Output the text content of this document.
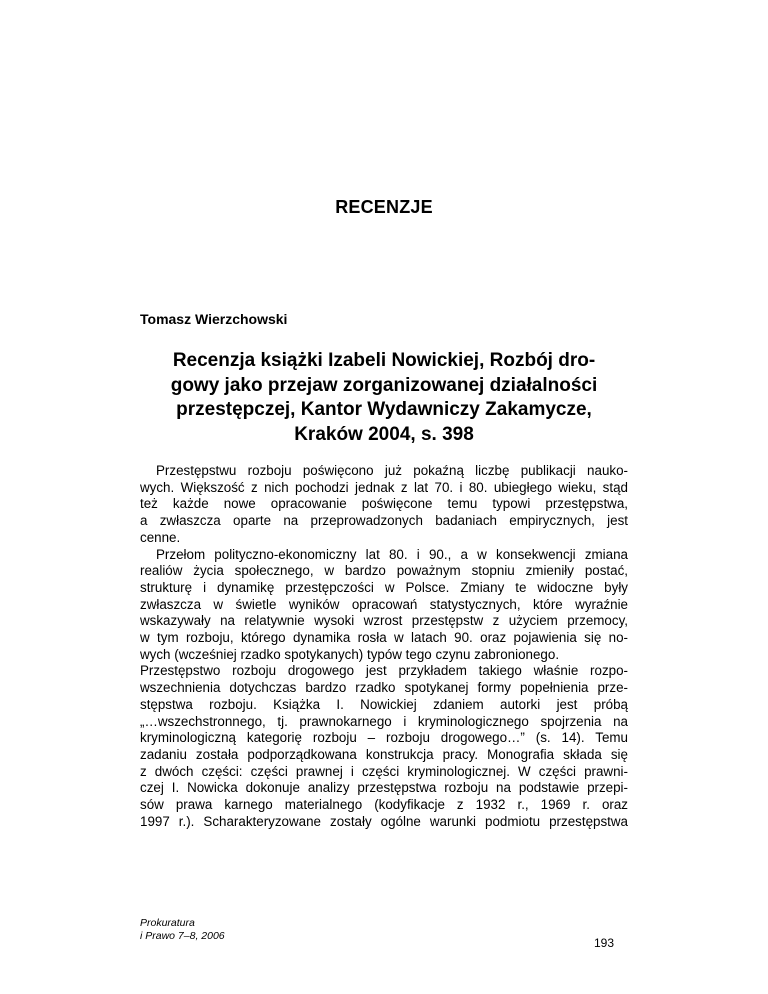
RECENZJE
Tomasz Wierzchowski
Recenzja książki Izabeli Nowickiej, Rozbój dro-
gowy jako przejaw zorganizowanej działalności
przestępczej, Kantor Wydawniczy Zakamycze,
Kraków 2004, s. 398
Przestępstwu rozboju poświęcono już pokaźną liczbę publikacji nauko-
wych. Większość z nich pochodzi jednak z lat 70. i 80. ubiegłego wieku, stąd
też każde nowe opracowanie poświęcone temu typowi przestępstwa,
a zwłaszcza oparte na przeprowadzonych badaniach empirycznych, jest
cenne.
Przełom polityczno-ekonomiczny lat 80. i 90., a w konsekwencji zmiana
realiów życia społecznego, w bardzo poważnym stopniu zmieniły postać,
strukturę i dynamikę przestępczości w Polsce. Zmiany te widoczne były
zwłaszcza w świetle wyników opracowań statystycznych, które wyraźnie
wskazywały na relatywnie wysoki wzrost przestępstw z użyciem przemocy,
w tym rozboju, którego dynamika rosła w latach 90. oraz pojawienia się no-
wych (wcześniej rzadko spotykanych) typów tego czynu zabronionego.
Przestępstwo rozboju drogowego jest przykładem takiego właśnie rozpo-
wszechnienia dotychczas bardzo rzadko spotykanej formy popełnienia prze-
stępstwa rozboju. Książka I. Nowickiej zdaniem autorki jest próbą
„…wszechstronnego, tj. prawnokarnego i kryminologicznego spojrzenia na
kryminologiczną kategorię rozboju – rozboju drogowego…” (s. 14). Temu
zadaniu została podporządkowana konstrukcja pracy. Monografia składa się
z dwóch części: części prawnej i części kryminologicznej. W części prawni-
czej I. Nowicka dokonuje analizy przestępstwa rozboju na podstawie przepi-
sów prawa karnego materialnego (kodyfikacje z 1932 r., 1969 r. oraz
1997 r.). Scharakteryzowane zostały ogólne warunki podmiotu przestępstwa
Prokuratura
i Prawo 7–8, 2006	193
